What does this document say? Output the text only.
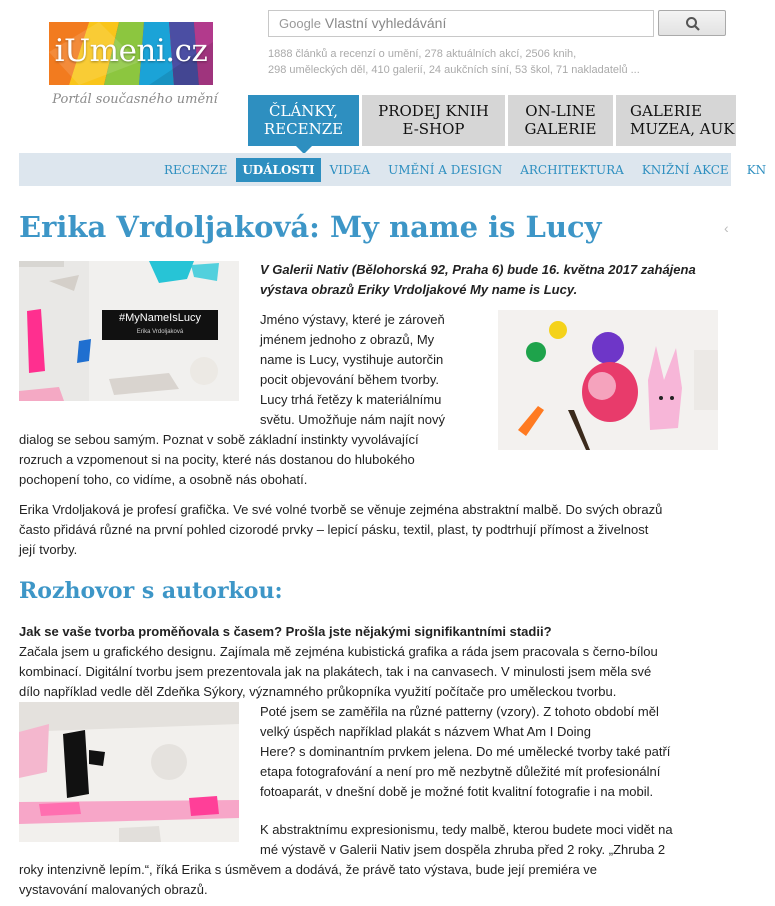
iUmeni.cz
Portál současného umění
Google Vlastní vyhledávání
1888 článků a recenzí o umění, 278 aktuálních akcí, 2506 knih,
298 uměleckých děl, 410 galerií, 24 aukčních síní, 53 škol, 71 nakladatelů ...
ČLÁNKY,
RECENZE
PRODEJ KNIH
E-SHOP
ON-LINE
GALERIE
GALERIE
MUZEA, AUK
RECENZE	UDÁLOSTI	VIDEA	UMĚNÍ A DESIGN	ARCHITEKTURA	KNIŽNÍ AKCE	KN
Erika Vrdoljaková: My name is Lucy	‹
#MyNameIsLucy
Erika Vrdoljaková
V Galerii Nativ (Bělohorská 92, Praha 6) bude 16. května 2017 zahájena výstava obrazů Eriky Vrdoljakové My name is Lucy.
Jméno výstavy, které je zároveň
jménem jednoho z obrazů, My
name is Lucy, vystihuje autorčin
pocit objevování během tvorby.
Lucy trhá řetězy k materiálnímu
světu. Umožňuje nám najít nový
dialog se sebou samým. Poznat v sobě základní instinkty vyvolávající
rozruch a vzpomenout si na pocity, které nás dostanou do hlubokého
pochopení toho, co vidíme, a osobně nás obohatí.
Erika Vrdoljaková je profesí grafička. Ve své volné tvorbě se věnuje zejména abstraktní malbě. Do svých obrazů
často přidává různé na první pohled cizorodé prvky – lepicí pásku, textil, plast, ty podtrhují přímost a živelnost
její tvorby.
Rozhovor s autorkou:
Jak se vaše tvorba proměňovala s časem? Prošla jste nějakými signifikantními stadii?
Začala jsem u grafického designu. Zajímala mě zejména kubistická grafika a ráda jsem pracovala s černo-bílou
kombinací. Digitální tvorbu jsem prezentovala jak na plakátech, tak i na canvasech. V minulosti jsem měla své
dílo například vedle děl Zdeňka Sýkory, významného průkopníka využití počítače pro uměleckou tvorbu.
Poté jsem se zaměřila na různé patterny (vzory). Z tohoto období měl
velký úspěch například plakát s názvem What Am I Doing
Here? s dominantním prvkem jelena. Do mé umělecké tvorby také patří
etapa fotografování a není pro mě nezbytně důležité mít profesionální
fotoaparát, v dnešní době je možné fotit kvalitní fotografie i na mobil.
K abstraktnímu expresionismu, tedy malbě, kterou budete moci vidět na
mé výstavě v Galerii Nativ jsem dospěla zhruba před 2 roky. „Zhruba 2
roky intenzivně lepím.“, říká Erika s úsměvem a dodává, že právě tato výstava, bude její premiéra ve
vystavování malovaných obrazů.
